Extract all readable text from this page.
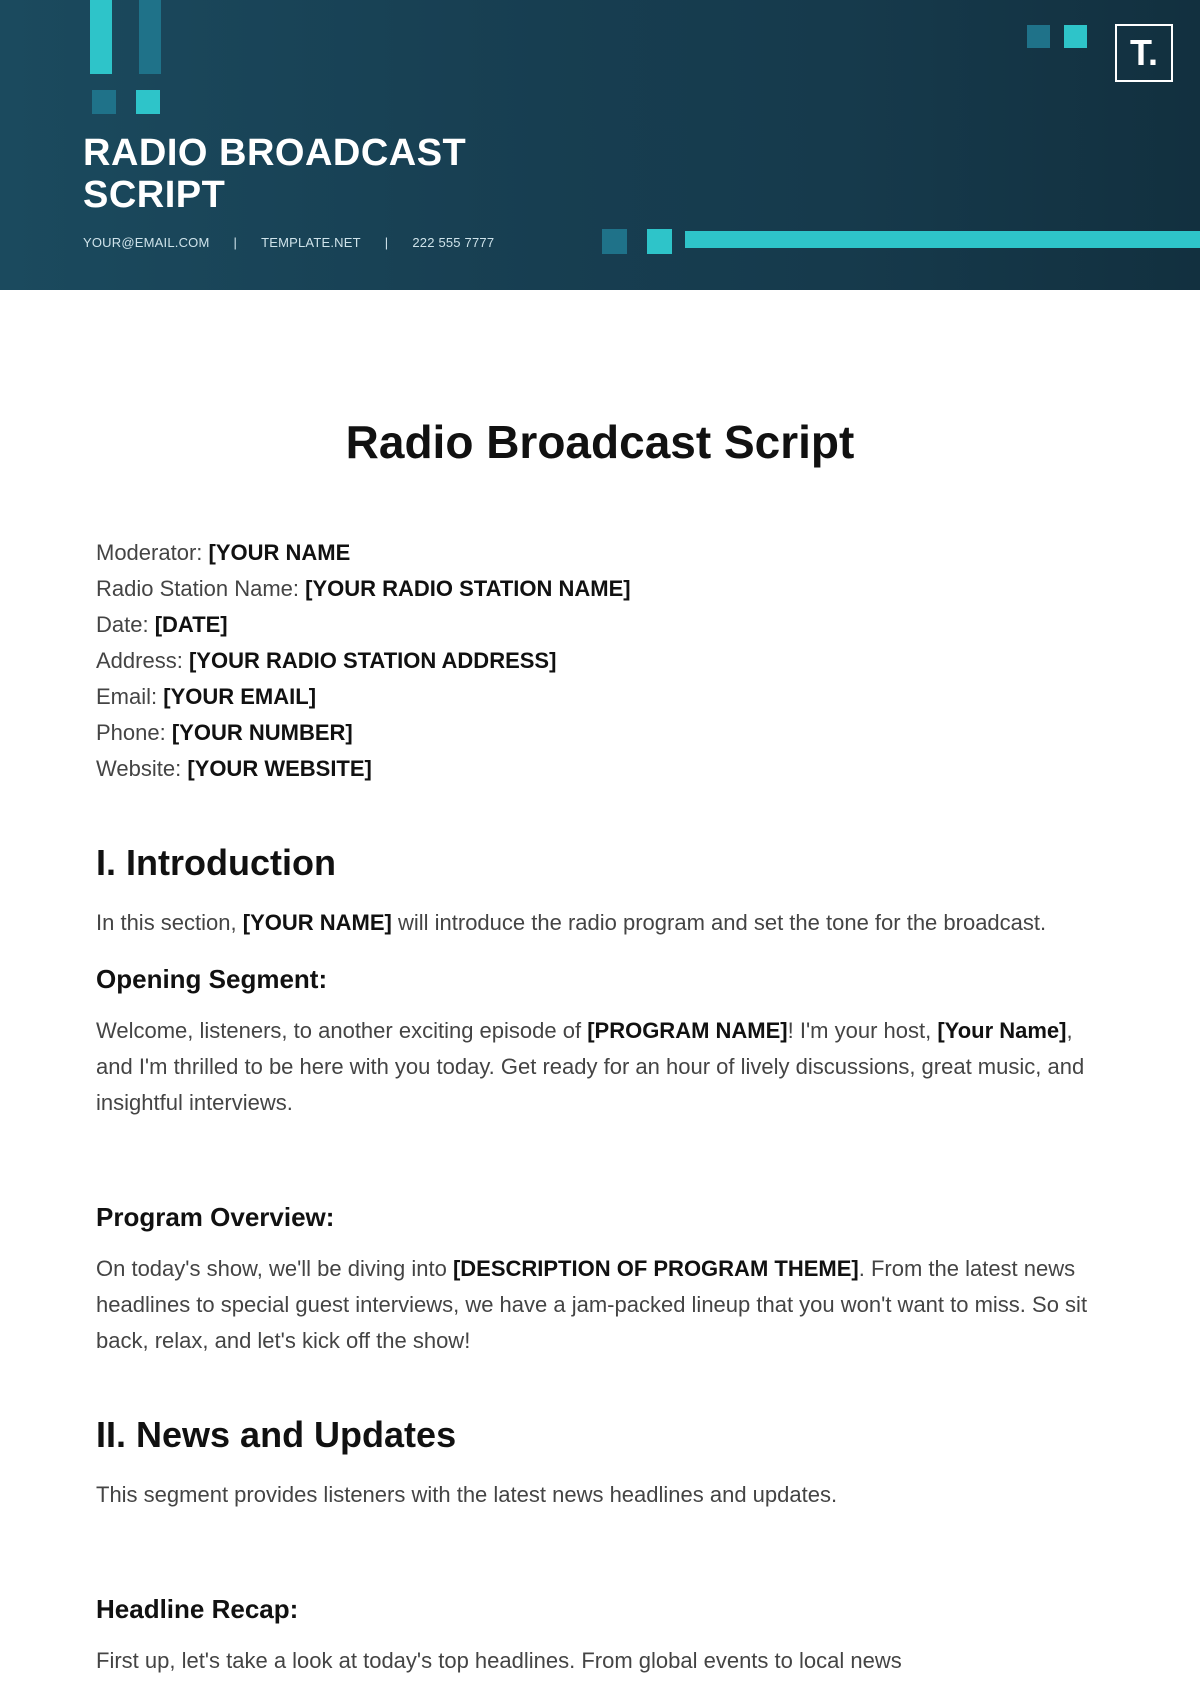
RADIO BROADCAST SCRIPT
YOUR@EMAIL.COM | TEMPLATE.NET | 222 555 7777
T.
Radio Broadcast Script
Moderator: [YOUR NAME
Radio Station Name: [YOUR RADIO STATION NAME]
Date: [DATE]
Address: [YOUR RADIO STATION ADDRESS]
Email: [YOUR EMAIL]
Phone: [YOUR NUMBER]
Website: [YOUR WEBSITE]
I. Introduction

In this section, [YOUR NAME] will introduce the radio program and set the tone for the broadcast.

Opening Segment:

Welcome, listeners, to another exciting episode of [PROGRAM NAME]! I'm your host, [Your Name], and I'm thrilled to be here with you today. Get ready for an hour of lively discussions, great music, and insightful interviews.

Program Overview:

On today's show, we'll be diving into [DESCRIPTION OF PROGRAM THEME]. From the latest news headlines to special guest interviews, we have a jam-packed lineup that you won't want to miss. So sit back, relax, and let's kick off the show!

II. News and Updates

This segment provides listeners with the latest news headlines and updates.

Headline Recap:

First up, let's take a look at today's top headlines. From global events to local news
